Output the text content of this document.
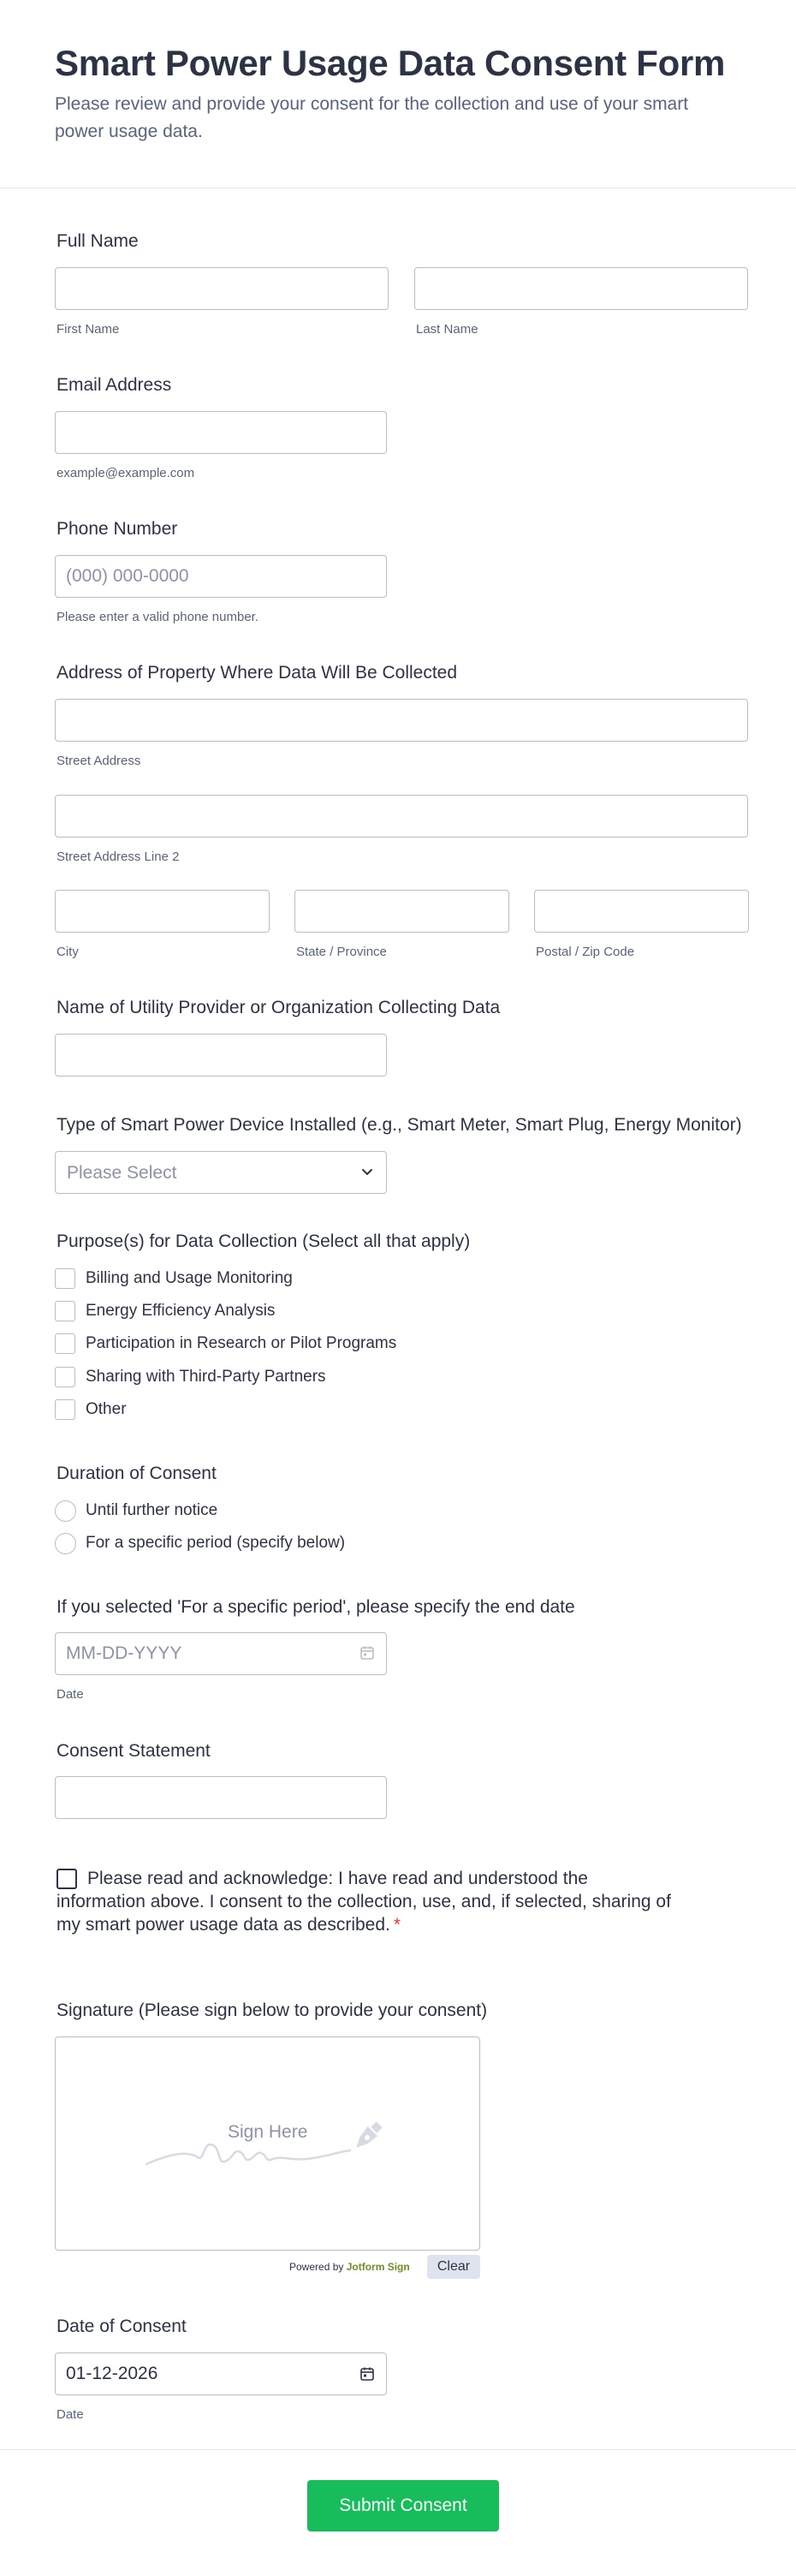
Smart Power Usage Data Consent Form

Please review and provide your consent for the collection and use of your smart power usage data.

Full Name
First Name	Last Name
Email Address
example@example.com
Phone Number
(000) 000-0000
Please enter a valid phone number.
Address of Property Where Data Will Be Collected
Street Address
Street Address Line 2
City	State / Province	Postal / Zip Code
Name of Utility Provider or Organization Collecting Data
Type of Smart Power Device Installed (e.g., Smart Meter, Smart Plug, Energy Monitor)
Please Select
Purpose(s) for Data Collection (Select all that apply)
Billing and Usage Monitoring
Energy Efficiency Analysis
Participation in Research or Pilot Programs
Sharing with Third-Party Partners
Other
Duration of Consent
Until further notice
For a specific period (specify below)
If you selected 'For a specific period', please specify the end date
MM-DD-YYYY
Date
Consent Statement
Please read and acknowledge: I have read and understood the information above. I consent to the collection, use, and, if selected, sharing of my smart power usage data as described. *
Signature (Please sign below to provide your consent)
Sign Here
Powered by Jotform Sign	Clear
Date of Consent
01-12-2026
Date
Submit Consent
